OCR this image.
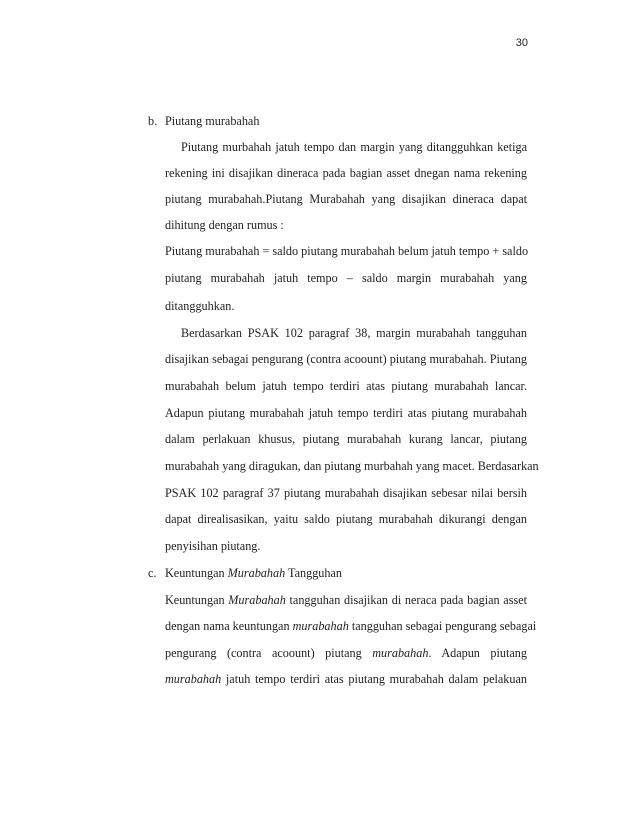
30
b. Piutang murabahah
Piutang murbahah jatuh tempo dan margin yang ditangguhkan ketiga
rekening ini disajikan dineraca pada bagian asset dnegan nama rekening
piutang murabahah.Piutang Murabahah yang disajikan dineraca dapat
dihitung dengan rumus :
Piutang murabahah = saldo piutang murabahah belum jatuh tempo + saldo
piutang murabahah jatuh tempo – saldo margin murabahah yang
ditangguhkan.
Berdasarkan PSAK 102 paragraf 38, margin murabahah tangguhan
disajikan sebagai pengurang (contra acoount) piutang murabahah. Piutang
murabahah belum jatuh tempo terdiri atas piutang murabahah lancar.
Adapun piutang murabahah jatuh tempo terdiri atas piutang murabahah
dalam perlakuan khusus, piutang murabahah kurang lancar, piutang
murabahah yang diragukan, dan piutang murbahah yang macet. Berdasarkan
PSAK 102 paragraf 37 piutang murabahah disajikan sebesar nilai bersih
dapat direalisasikan, yaitu saldo piutang murabahah dikurangi dengan
penyisihan piutang.
c. Keuntungan Murabahah Tangguhan
Keuntungan Murabahah tangguhan disajikan di neraca pada bagian asset
dengan nama keuntungan murabahah tangguhan sebagai pengurang sebagai
pengurang (contra acoount) piutang murabahah. Adapun piutang
murabahah jatuh tempo terdiri atas piutang murabahah dalam pelakuan
